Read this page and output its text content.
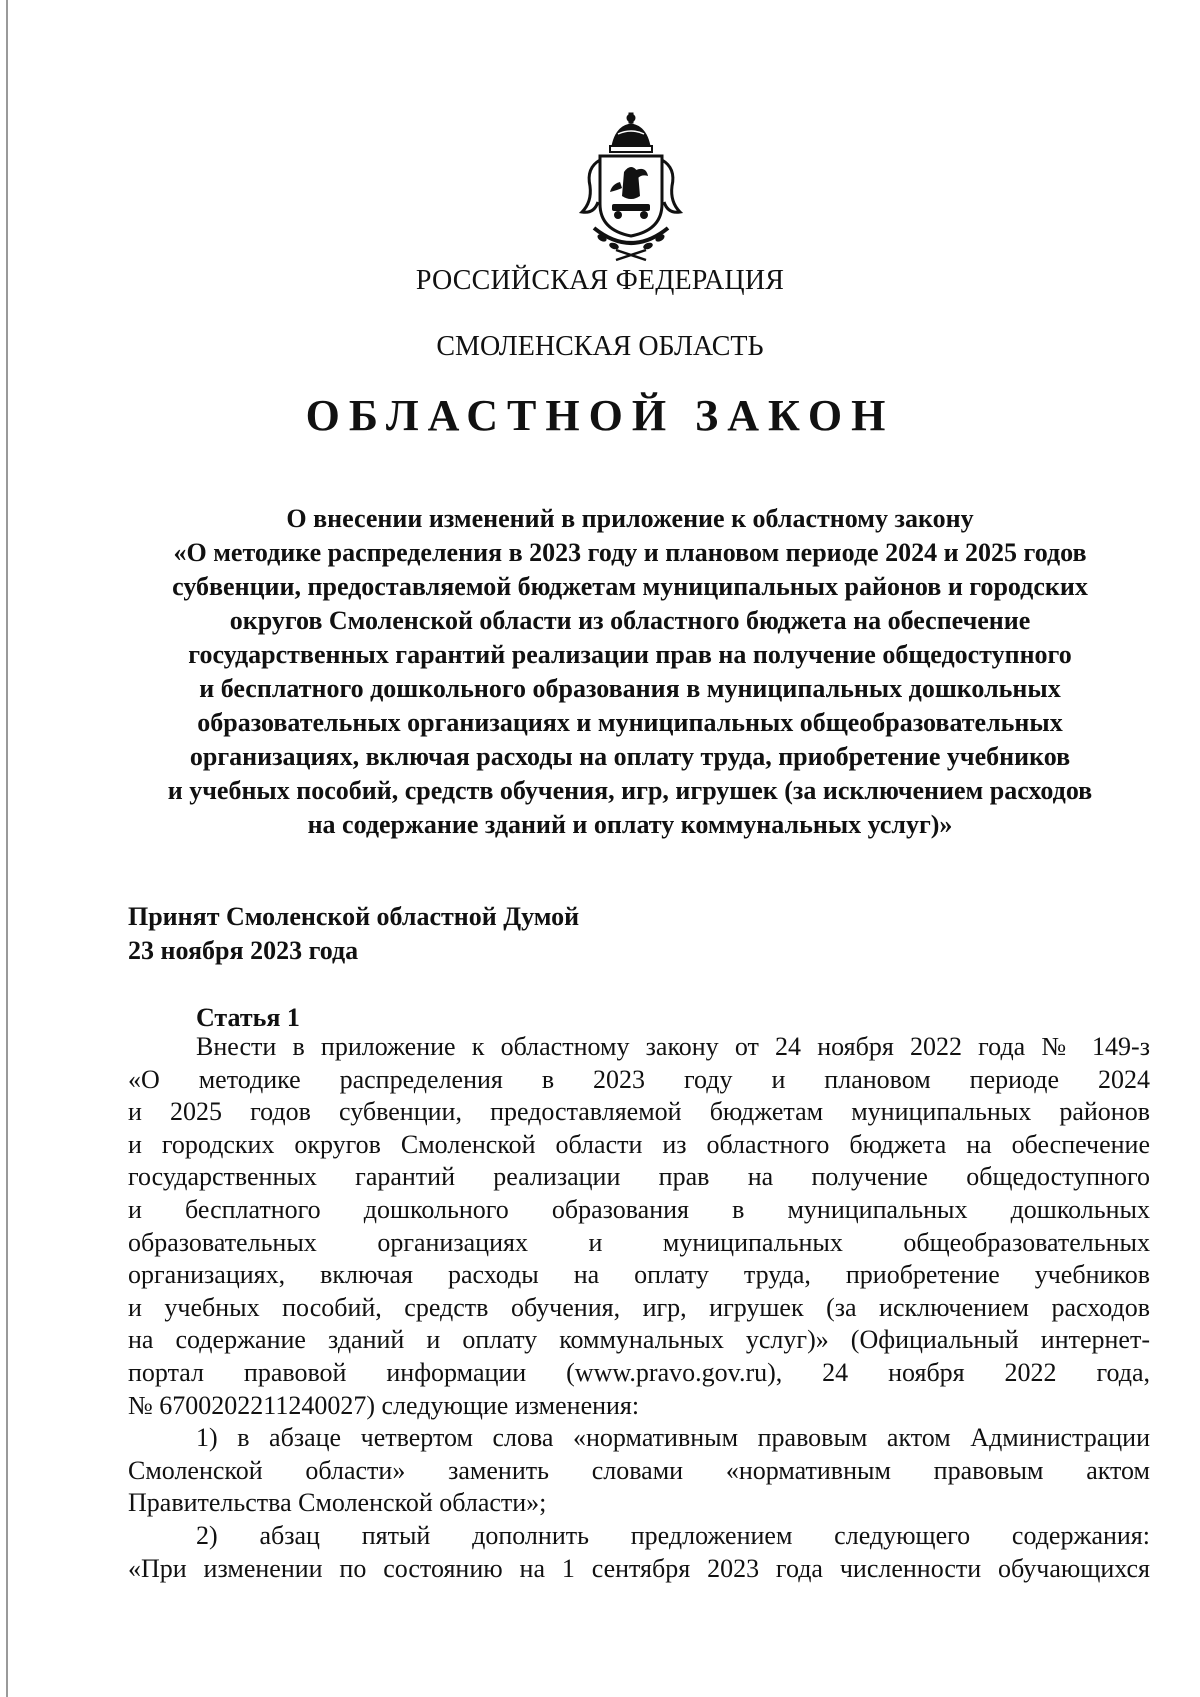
РОССИЙСКАЯ ФЕДЕРАЦИЯ
СМОЛЕНСКАЯ ОБЛАСТЬ
ОБЛАСТНОЙ ЗАКОН
О внесении изменений в приложение к областному закону
«О методике распределения в 2023 году и плановом периоде 2024 и 2025 годов
субвенции, предоставляемой бюджетам муниципальных районов и городских
округов Смоленской области из областного бюджета на обеспечение
государственных гарантий реализации прав на получение общедоступного
и бесплатного дошкольного образования в муниципальных дошкольных
образовательных организациях и муниципальных общеобразовательных
организациях, включая расходы на оплату труда, приобретение учебников
и учебных пособий, средств обучения, игр, игрушек (за исключением расходов
на содержание зданий и оплату коммунальных услуг)»
Принят Смоленской областной Думой
23 ноября 2023 года
Статья 1
Внести в приложение к областному закону от 24 ноября 2022 года № 149-з
«О методике распределения в 2023 году и плановом периоде 2024
и 2025 годов субвенции, предоставляемой бюджетам муниципальных районов
и городских округов Смоленской области из областного бюджета на обеспечение
государственных гарантий реализации прав на получение общедоступного
и бесплатного дошкольного образования в муниципальных дошкольных
образовательных организациях и муниципальных общеобразовательных
организациях, включая расходы на оплату труда, приобретение учебников
и учебных пособий, средств обучения, игр, игрушек (за исключением расходов
на содержание зданий и оплату коммунальных услуг)» (Официальный интернет-
портал правовой информации (www.pravo.gov.ru), 24 ноября 2022 года,
№ 6700202211240027) следующие изменения:
1) в абзаце четвертом слова «нормативным правовым актом Администрации
Смоленской области» заменить словами «нормативным правовым актом
Правительства Смоленской области»;
2) абзац пятый дополнить предложением следующего содержания:
«При изменении по состоянию на 1 сентября 2023 года численности обучающихся
